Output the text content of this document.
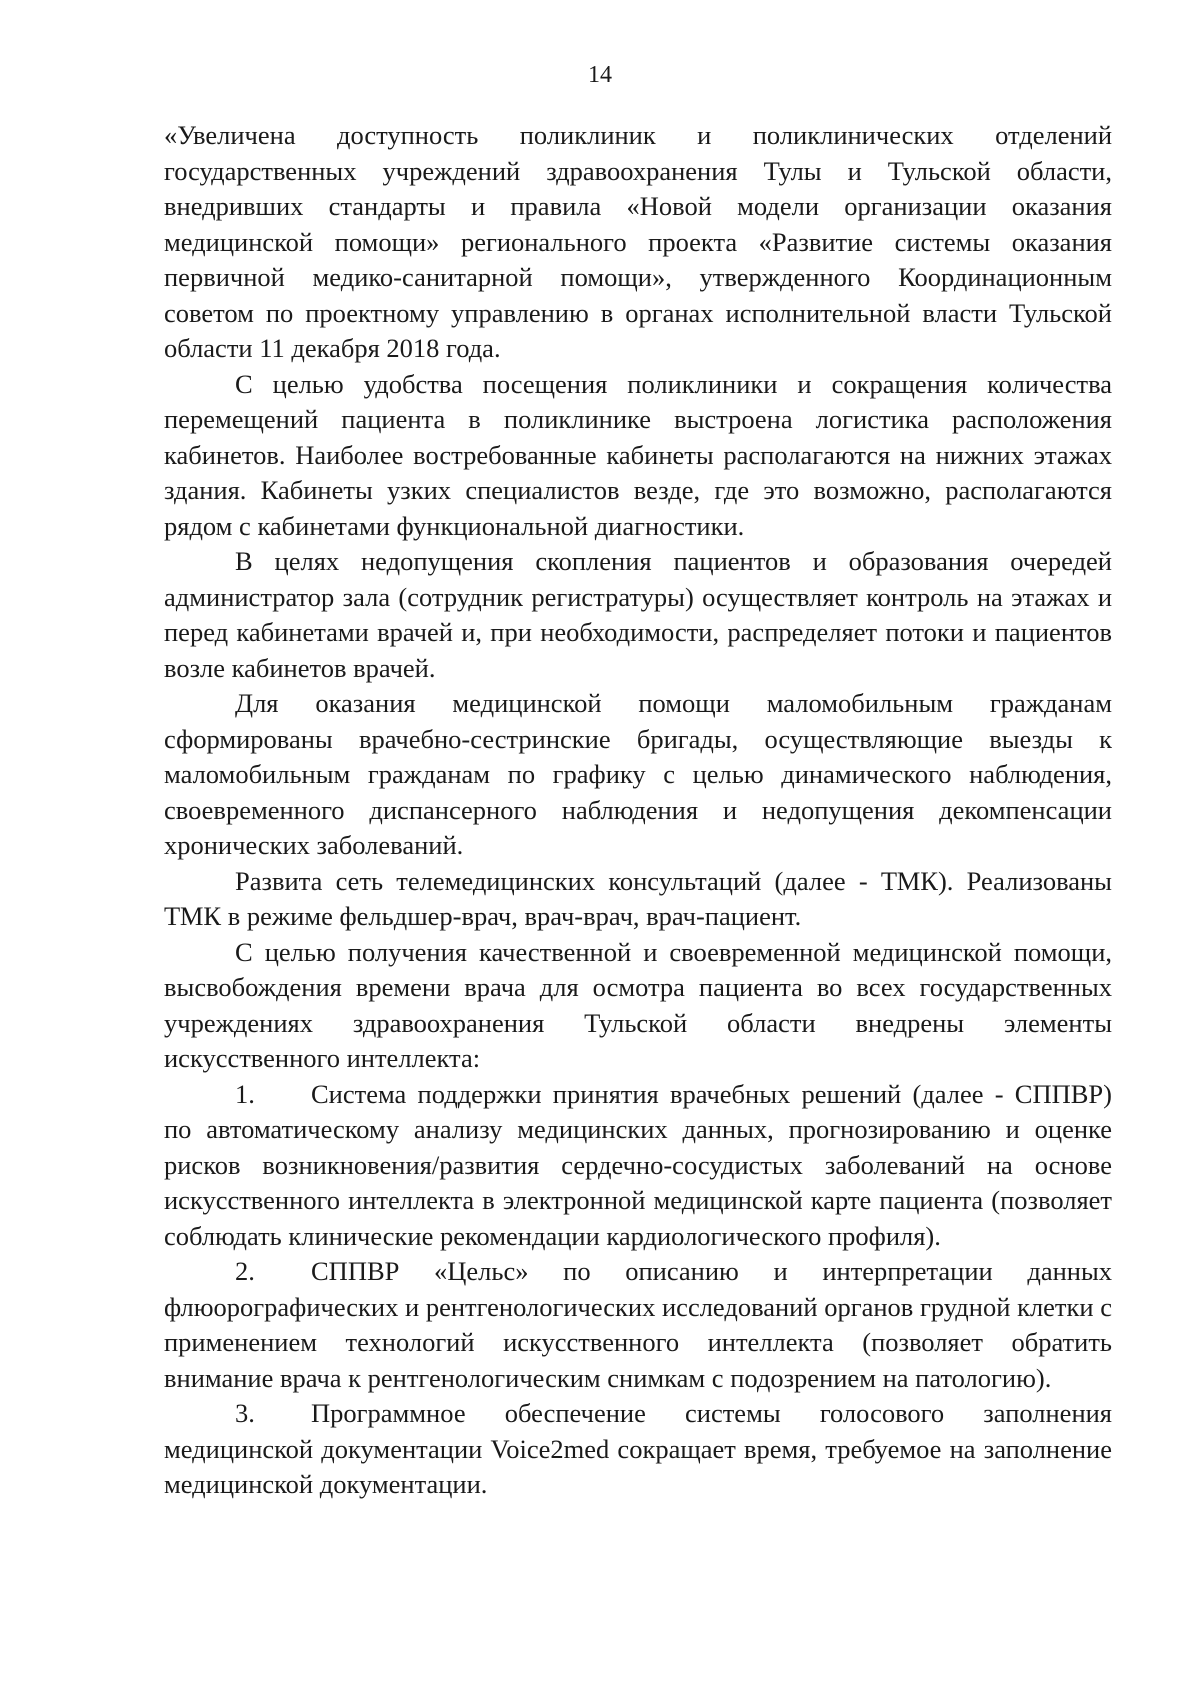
14

«Увеличена доступность поликлиник и поликлинических отделений государственных учреждений здравоохранения Тулы и Тульской области, внедривших стандарты и правила «Новой модели организации оказания медицинской помощи» регионального проекта «Развитие системы оказания первичной медико-санитарной помощи», утвержденного Координационным советом по проектному управлению в органах исполнительной власти Тульской области 11 декабря 2018 года.

С целью удобства посещения поликлиники и сокращения количества перемещений пациента в поликлинике выстроена логистика расположения кабинетов. Наиболее востребованные кабинеты располагаются на нижних этажах здания. Кабинеты узких специалистов везде, где это возможно, располагаются рядом с кабинетами функциональной диагностики.

В целях недопущения скопления пациентов и образования очередей администратор зала (сотрудник регистратуры) осуществляет контроль на этажах и перед кабинетами врачей и, при необходимости, распределяет потоки и пациентов возле кабинетов врачей.

Для оказания медицинской помощи маломобильным гражданам сформированы врачебно-сестринские бригады, осуществляющие выезды к маломобильным гражданам по графику с целью динамического наблюдения, своевременного диспансерного наблюдения и недопущения декомпенсации хронических заболеваний.

Развита сеть телемедицинских консультаций (далее - ТМК). Реализованы ТМК в режиме фельдшер-врач, врач-врач, врач-пациент.

С целью получения качественной и своевременной медицинской помощи, высвобождения времени врача для осмотра пациента во всех государственных учреждениях здравоохранения Тульской области внедрены элементы искусственного интеллекта:

1. Система поддержки принятия врачебных решений (далее - СППВР) по автоматическому анализу медицинских данных, прогнозированию и оценке рисков возникновения/развития сердечно-сосудистых заболеваний на основе искусственного интеллекта в электронной медицинской карте пациента (позволяет соблюдать клинические рекомендации кардиологического профиля).

2. СППВР «Цельс» по описанию и интерпретации данных флюорографических и рентгенологических исследований органов грудной клетки с применением технологий искусственного интеллекта (позволяет обратить внимание врача к рентгенологическим снимкам с подозрением на патологию).

3. Программное обеспечение системы голосового заполнения медицинской документации Voice2med сокращает время, требуемое на заполнение медицинской документации.
